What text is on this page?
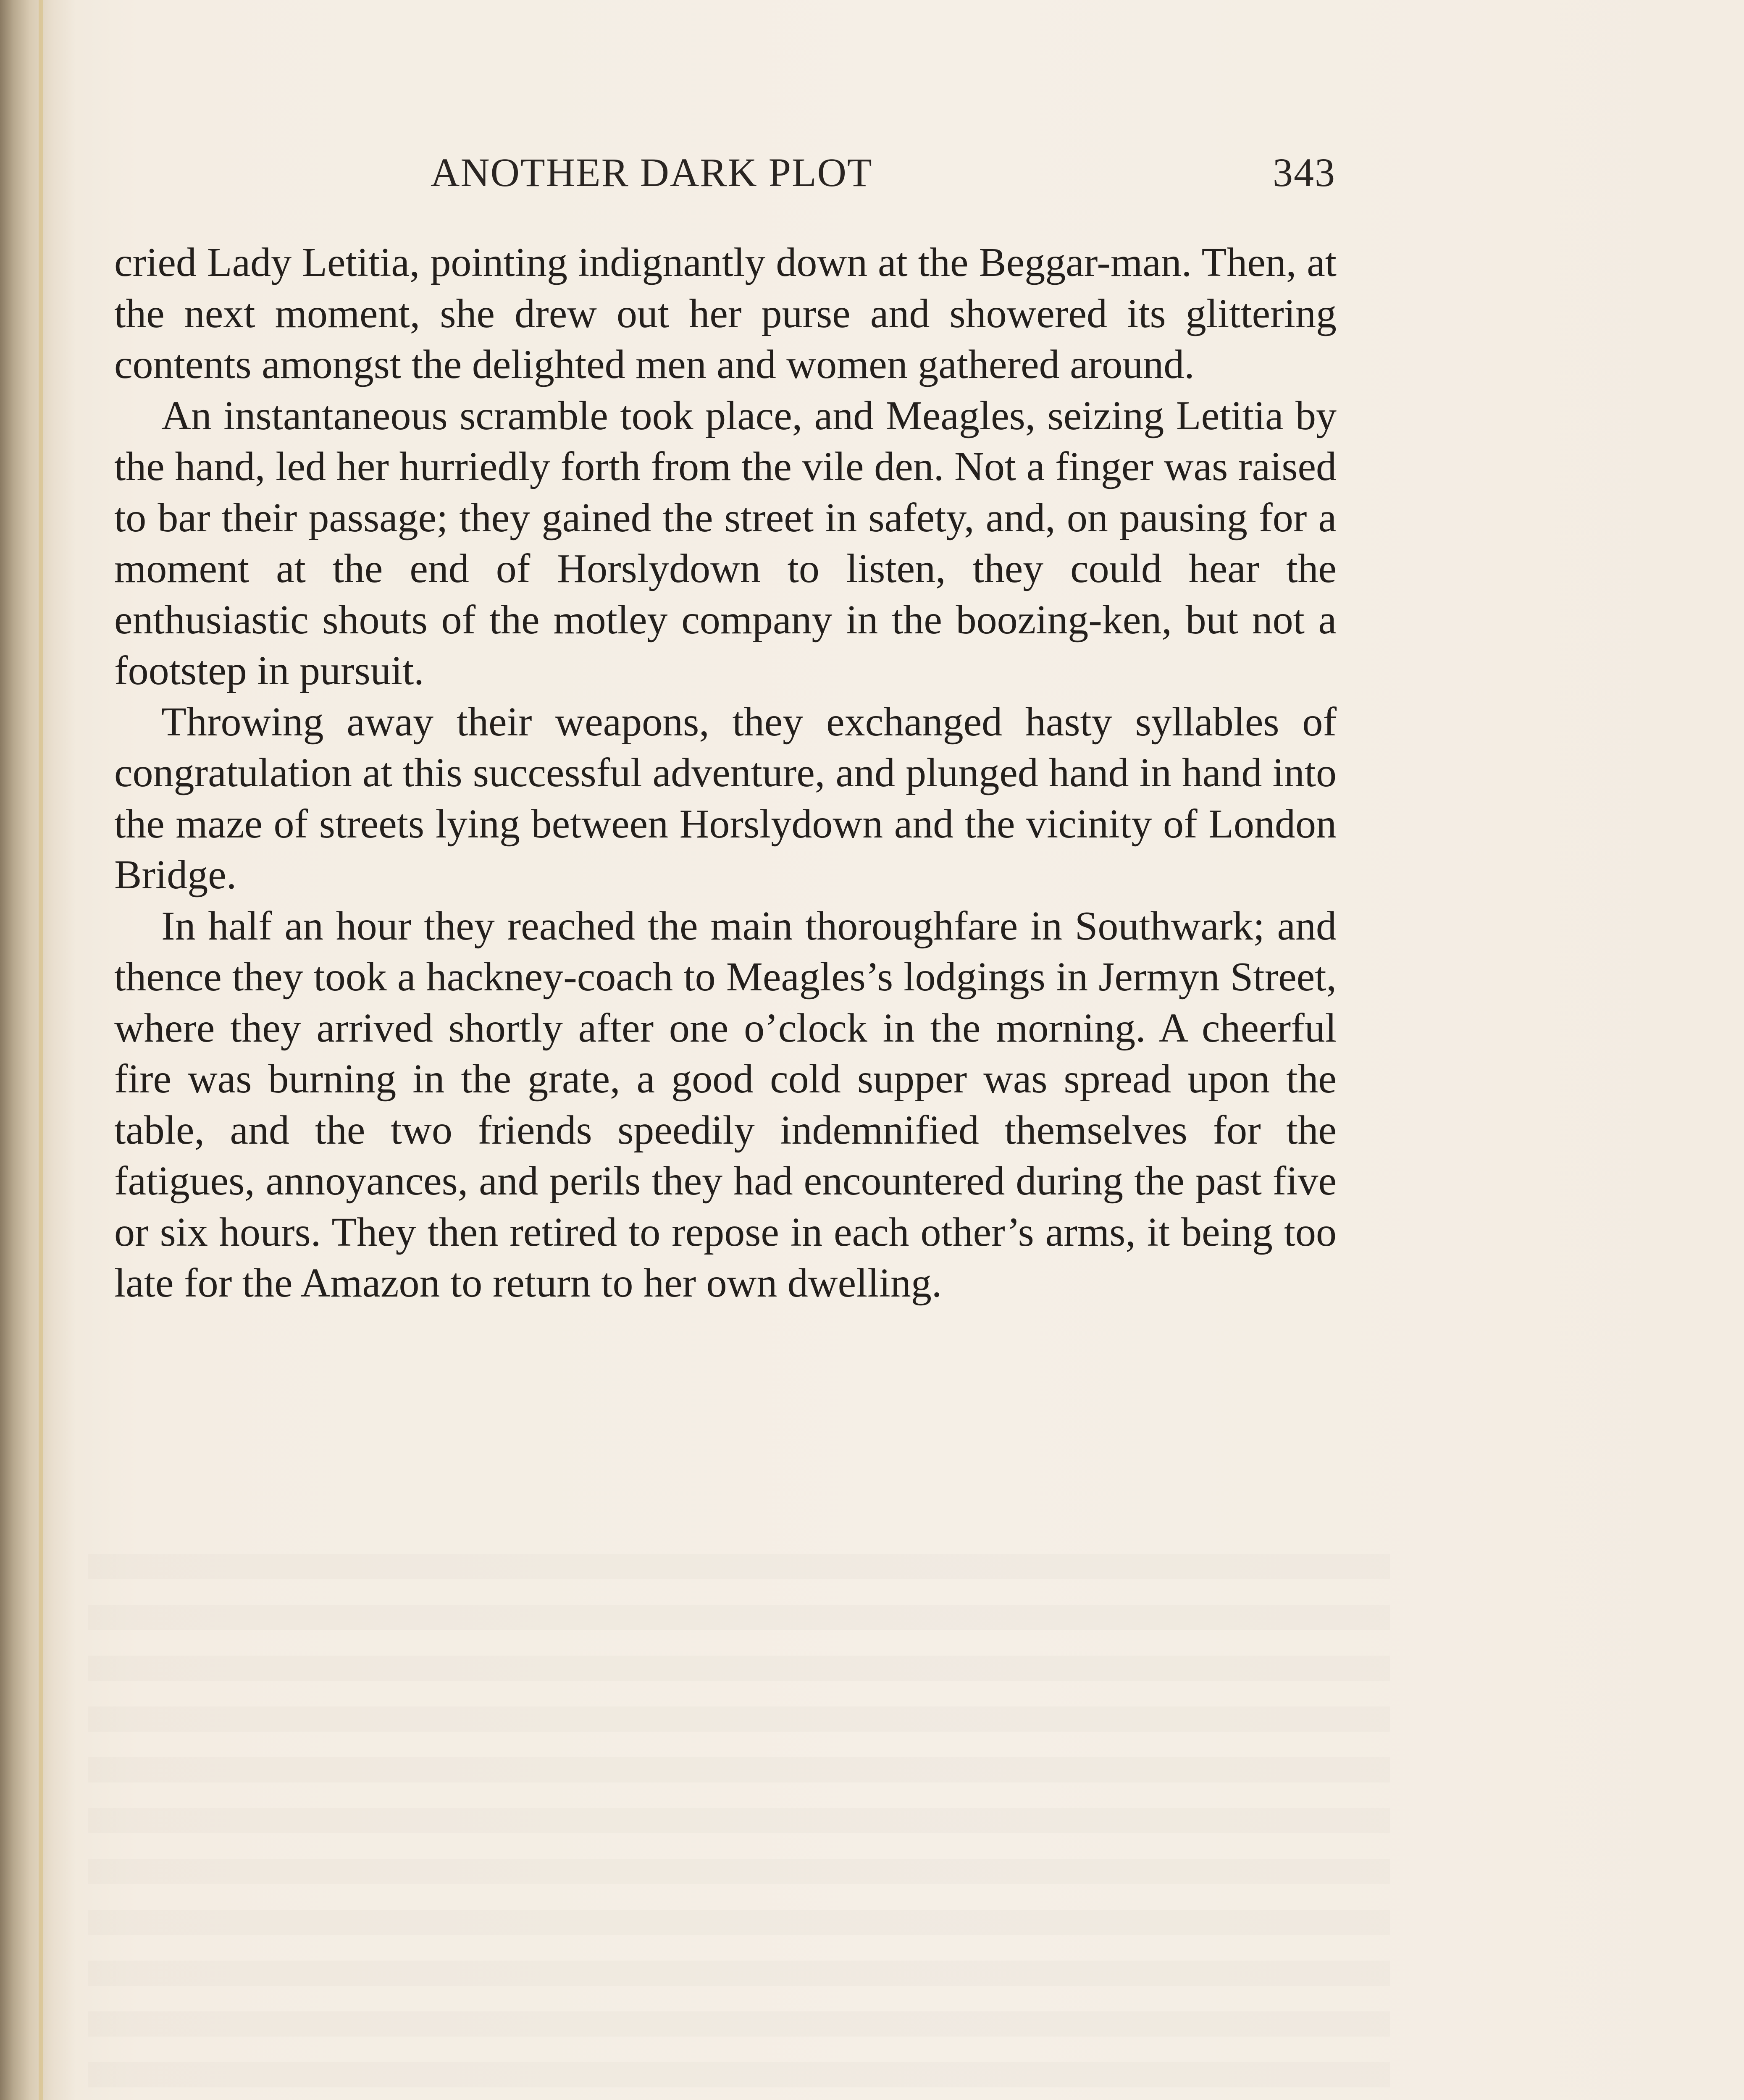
ANOTHER DARK PLOT	343

cried Lady Letitia, pointing indignantly down at the Beggar-man. Then, at the next moment, she drew out her purse and showered its glittering contents amongst the delighted men and women gathered around.

An instantaneous scramble took place, and Meagles, seizing Letitia by the hand, led her hurriedly forth from the vile den. Not a finger was raised to bar their passage; they gained the street in safety, and, on pausing for a moment at the end of Horslydown to listen, they could hear the enthusiastic shouts of the motley company in the boozing-ken, but not a footstep in pursuit.

Throwing away their weapons, they exchanged hasty syllables of congratulation at this successful adventure, and plunged hand in hand into the maze of streets lying between Horslydown and the vicinity of London Bridge.

In half an hour they reached the main thoroughfare in Southwark; and thence they took a hackney-coach to Meagles’s lodgings in Jermyn Street, where they arrived shortly after one o’clock in the morning. A cheerful fire was burning in the grate, a good cold supper was spread upon the table, and the two friends speedily indemnified themselves for the fatigues, annoyances, and perils they had encountered during the past five or six hours. They then retired to repose in each other’s arms, it being too late for the Amazon to return to her own dwelling.
